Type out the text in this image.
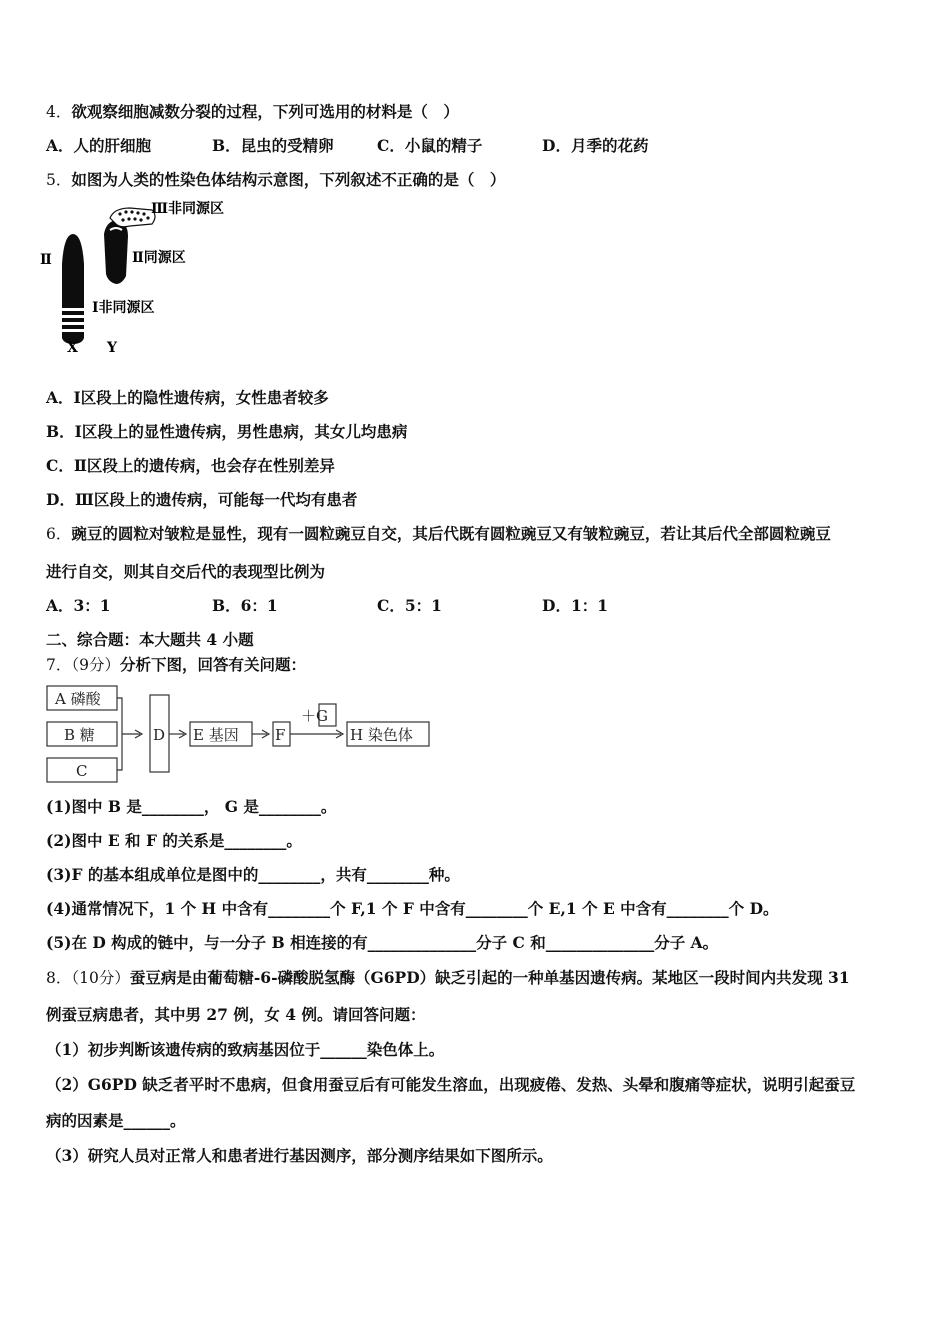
4．欲观察细胞减数分裂的过程，下列可选用的材料是（　）
A．人的肝细胞	B．昆虫的受精卵	C．小鼠的精子	D．月季的花药
5．如图为人类的性染色体结构示意图，下列叙述不正确的是（　）
Ⅲ非同源区
Ⅱ	Ⅱ同源区
Ⅰ非同源区
X Y
A．Ⅰ区段上的隐性遗传病，女性患者较多
B．I区段上的显性遗传病，男性患病，其女儿均患病
C．Ⅱ区段上的遗传病，也会存在性别差异
D．Ⅲ区段上的遗传病，可能每一代均有患者
6．豌豆的圆粒对皱粒是显性，现有一圆粒豌豆自交，其后代既有圆粒豌豆又有皱粒豌豆，若让其后代全部圆粒豌豆
进行自交，则其自交后代的表现型比例为
A．3：1	B．6：1	C．5：1	D．1：1
二、综合题：本大题共 4 小题
7．（9分）分析下图，回答有关问题：
A 磷酸
B 糖
C
D E 基因 F
＋G
H 染色体
(1)图中 B 是________， G 是________。
(2)图中 E 和 F 的关系是________。
(3)F 的基本组成单位是图中的________，共有________种。
(4)通常情况下，1 个 H 中含有________个 F,1 个 F 中含有________个 E,1 个 E 中含有________个 D。
(5)在 D 构成的链中，与一分子 B 相连接的有______________分子 C 和______________分子 A。
8．（10分）蚕豆病是由葡萄糖-6-磷酸脱氢酶（G6PD）缺乏引起的一种单基因遗传病。某地区一段时间内共发现 31
例蚕豆病患者，其中男 27 例，女 4 例。请回答问题：
（1）初步判断该遗传病的致病基因位于______染色体上。
（2）G6PD 缺乏者平时不患病，但食用蚕豆后有可能发生溶血，出现疲倦、发热、头晕和腹痛等症状，说明引起蚕豆
病的因素是______。
（3）研究人员对正常人和患者进行基因测序，部分测序结果如下图所示。
